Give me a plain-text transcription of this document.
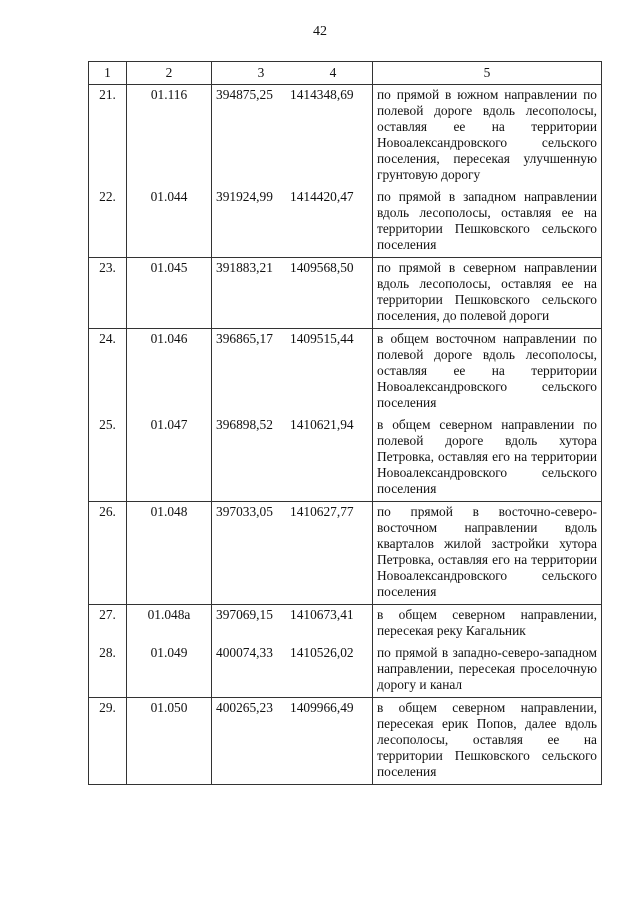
42
1	2	3 4	5
21.	01.116	394875,25 1414348,69	по прямой в южном направлении по полевой дороге вдоль лесополосы, оставляя ее на территории Новоалександровского сельского поселения, пересекая улучшенную грунтовую дорогу
22.	01.044	391924,99 1414420,47	по прямой в западном направлении вдоль лесополосы, оставляя ее на территории Пешковского сельского поселения
23.	01.045	391883,21 1409568,50	по прямой в северном направлении вдоль лесополосы, оставляя ее на территории Пешковского сельского поселения, до полевой дороги
24.	01.046	396865,17 1409515,44	в общем восточном направлении по полевой дороге вдоль лесополосы, оставляя ее на территории Новоалександровского сельского поселения
25.	01.047	396898,52 1410621,94	в общем северном направлении по полевой дороге вдоль хутора Петровка, оставляя его на территории Новоалександровского сельского поселения
26.	01.048	397033,05 1410627,77	по прямой в восточно-северо-восточном направлении вдоль кварталов жилой застройки хутора Петровка, оставляя его на территории Новоалександровского сельского поселения
27.	01.048а	397069,15 1410673,41	в общем северном направлении, пересекая реку Кагальник
28.	01.049	400074,33 1410526,02	по прямой в западно-северо-западном направлении, пересекая проселочную дорогу и канал
29.	01.050	400265,23 1409966,49	в общем северном направлении, пересекая ерик Попов, далее вдоль лесополосы, оставляя ее на территории Пешковского сельского поселения
